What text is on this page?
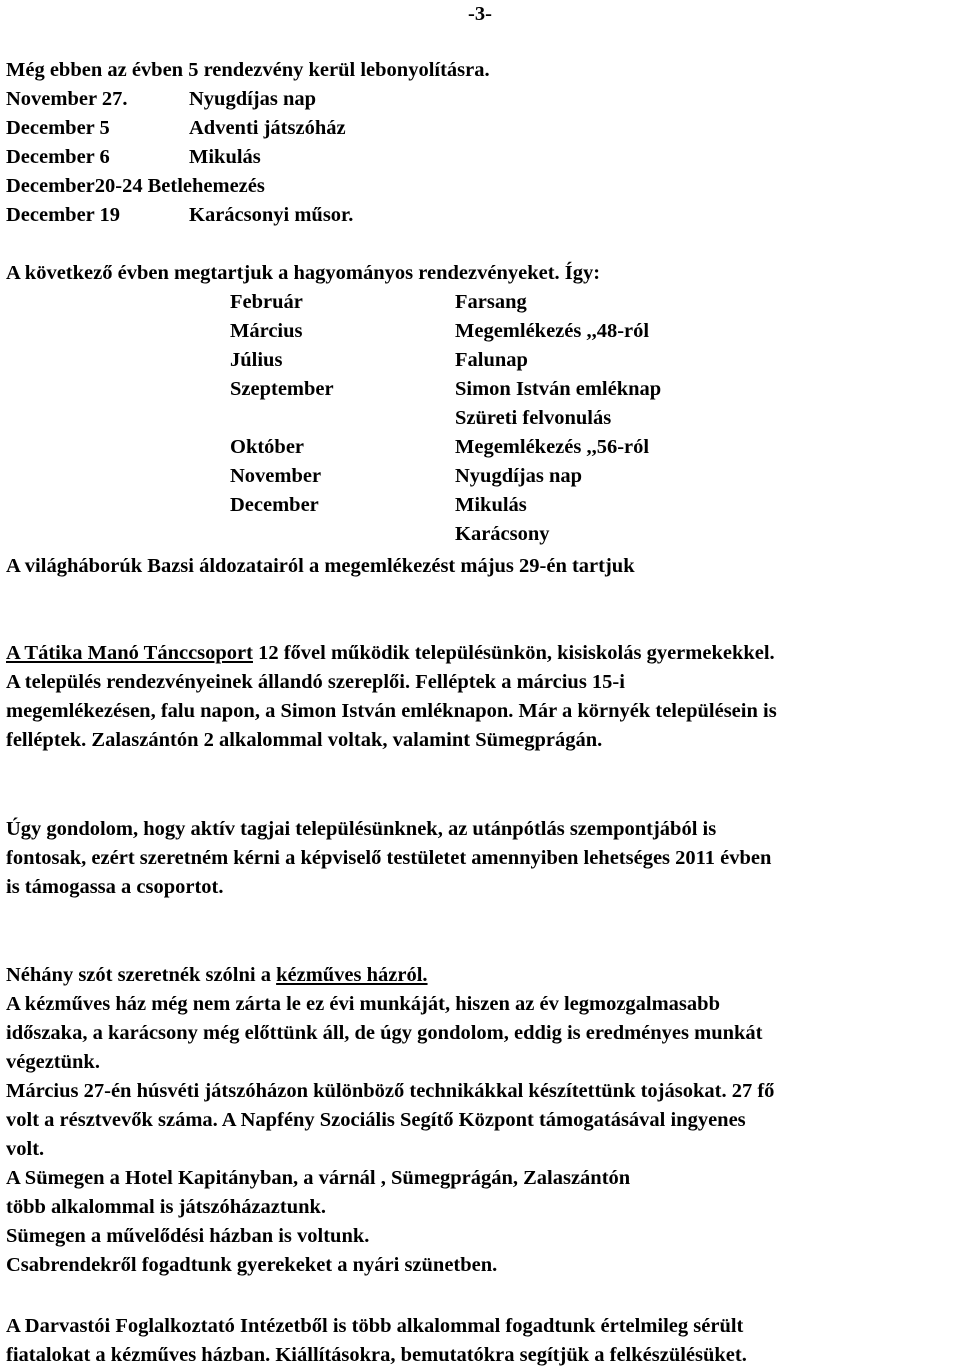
-3-
Még ebben az évben 5 rendezvény kerül lebonyolításra.
November 27.	Nyugdíjas nap
December 5	Adventi játszóház
December 6	Mikulás
December20-24 Betlehemezés
December 19	Karácsonyi műsor.
A következő évben megtartjuk a hagyományos rendezvényeket. Így:
Február	Farsang
Március	Megemlékezés ,,48-ról
Július	Falunap
Szeptember	Simon István emléknap
Szüreti felvonulás
Október	Megemlékezés ,,56-ról
November	Nyugdíjas nap
December	Mikulás
Karácsony
A világháborúk Bazsi áldozatairól a megemlékezést május 29-én tartjuk
A Tátika Manó Tánccsoport 12 fővel működik településünkön, kisiskolás gyermekekkel.
A település rendezvényeinek állandó szereplői. Felléptek a március 15-i
megemlékezésen, falu napon, a Simon István emléknapon. Már a környék településein is
felléptek. Zalaszántón 2 alkalommal voltak, valamint Sümegprágán.
Úgy gondolom, hogy aktív tagjai településünknek, az utánpótlás szempontjából is
fontosak, ezért szeretném kérni a képviselő testületet amennyiben lehetséges 2011 évben
is támogassa a csoportot.
Néhány szót szeretnék szólni a kézműves házról.
A kézműves ház még nem zárta le ez évi munkáját, hiszen az év legmozgalmasabb
időszaka, a karácsony még előttünk áll, de úgy gondolom, eddig is eredményes munkát
végeztünk.
Március 27-én húsvéti játszóházon különböző technikákkal készítettünk tojásokat. 27 fő
volt a résztvevők száma. A Napfény Szociális Segítő Központ támogatásával ingyenes
volt.
A Sümegen a Hotel Kapitányban, a várnál , Sümegprágán, Zalaszántón
több alkalommal is játszóházaztunk.
Sümegen a művelődési házban is voltunk.
Csabrendekről fogadtunk gyerekeket a nyári szünetben.
A Darvastói Foglalkoztató Intézetből is több alkalommal fogadtunk értelmileg sérült
fiatalokat a kézműves házban. Kiállításokra, bemutatókra segítjük a felkészülésüket.
